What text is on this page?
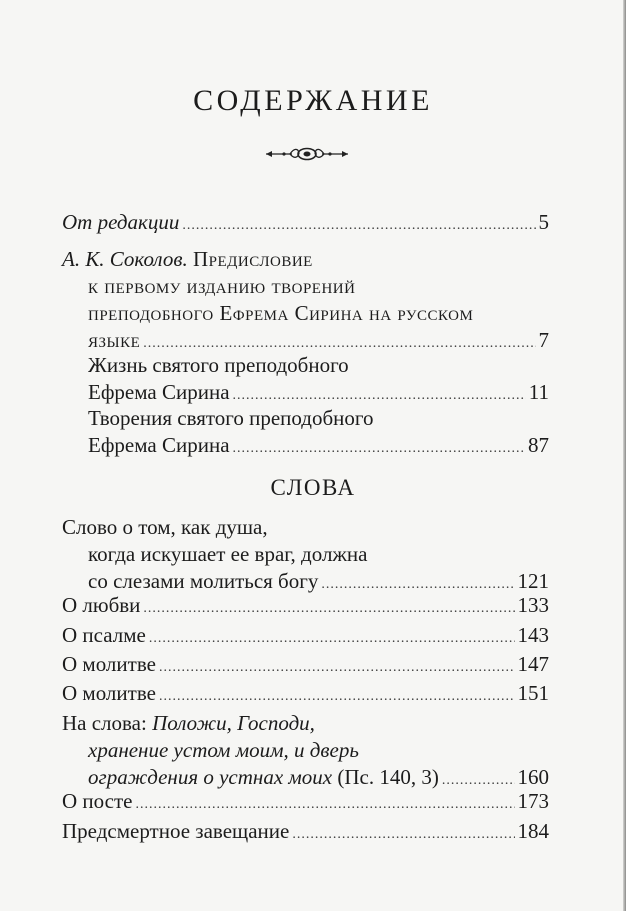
СОДЕРЖАНИЕ
От редакции .....	5
А. К. Соколов.
Предисловие
к первому изданию творений
преподобного Ефрема Сирина на русском
языке .....	7
Жизнь святого преподобного
Ефрема Сирина .....	11
Творения святого преподобного
Ефрема Сирина .....	87
СЛОВА
Слово о том, как душа,
когда искушает ее враг, должна
со слезами молиться богу .....	121
О любви .....	133
О псалме .....	143
О молитве .....	147
О молитве .....	151
На слова:
Положи, Господи,
хранение устом моим, и дверь
ограждения о устнах моих
(Пс. 140, 3) .....	160
О посте .....	173
Предсмертное завещание .....	184
